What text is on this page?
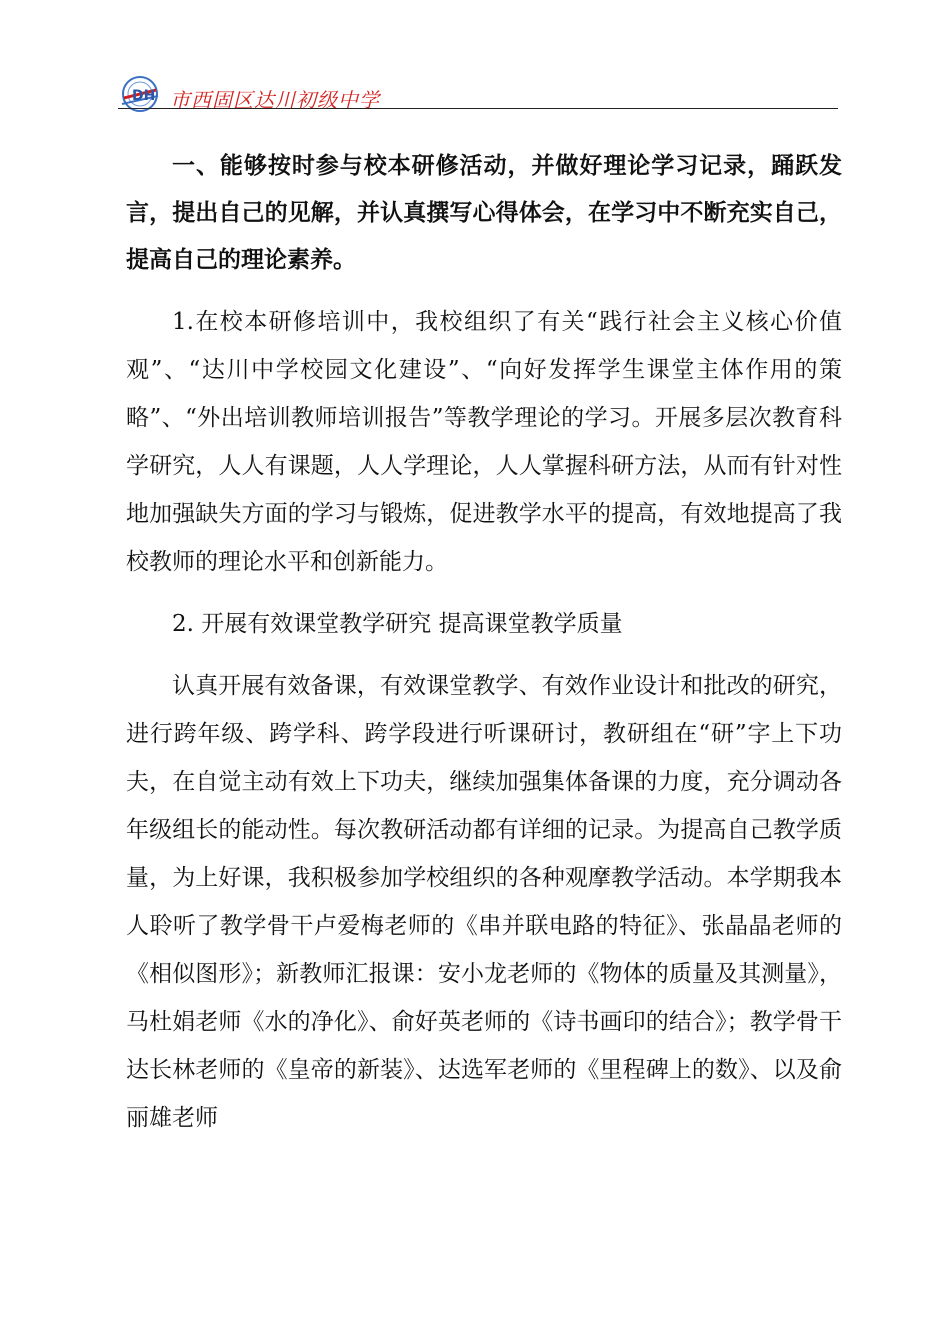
DH 市西固区达川初级中学

一、能够按时参与校本研修活动，并做好理论学习记录，踊跃发言，提出自己的见解，并认真撰写心得体会，在学习中不断充实自己，提高自己的理论素养。

1.在校本研修培训中，我校组织了有关“践行社会主义核心价值观”、“达川中学校园文化建设”、“向好发挥学生课堂主体作用的策略”、“外出培训教师培训报告”等教学理论的学习。开展多层次教育科学研究，人人有课题，人人学理论，人人掌握科研方法，从而有针对性地加强缺失方面的学习与锻炼，促进教学水平的提高，有效地提高了我校教师的理论水平和创新能力。

2. 开展有效课堂教学研究 提高课堂教学质量

认真开展有效备课，有效课堂教学、有效作业设计和批改的研究，进行跨年级、跨学科、跨学段进行听课研讨，教研组在“研”字上下功夫，在自觉主动有效上下功夫，继续加强集体备课的力度，充分调动各年级组长的能动性。每次教研活动都有详细的记录。为提高自己教学质量，为上好课，我积极参加学校组织的各种观摩教学活动。本学期我本人聆听了教学骨干卢爱梅老师的《串并联电路的特征》、张晶晶老师的《相似图形》；新教师汇报课：安小龙老师的《物体的质量及其测量》，马杜娟老师《水的净化》、俞好英老师的《诗书画印的结合》；教学骨干达长林老师的《皇帝的新装》、达选军老师的《里程碑上的数》、以及俞丽雄老师
